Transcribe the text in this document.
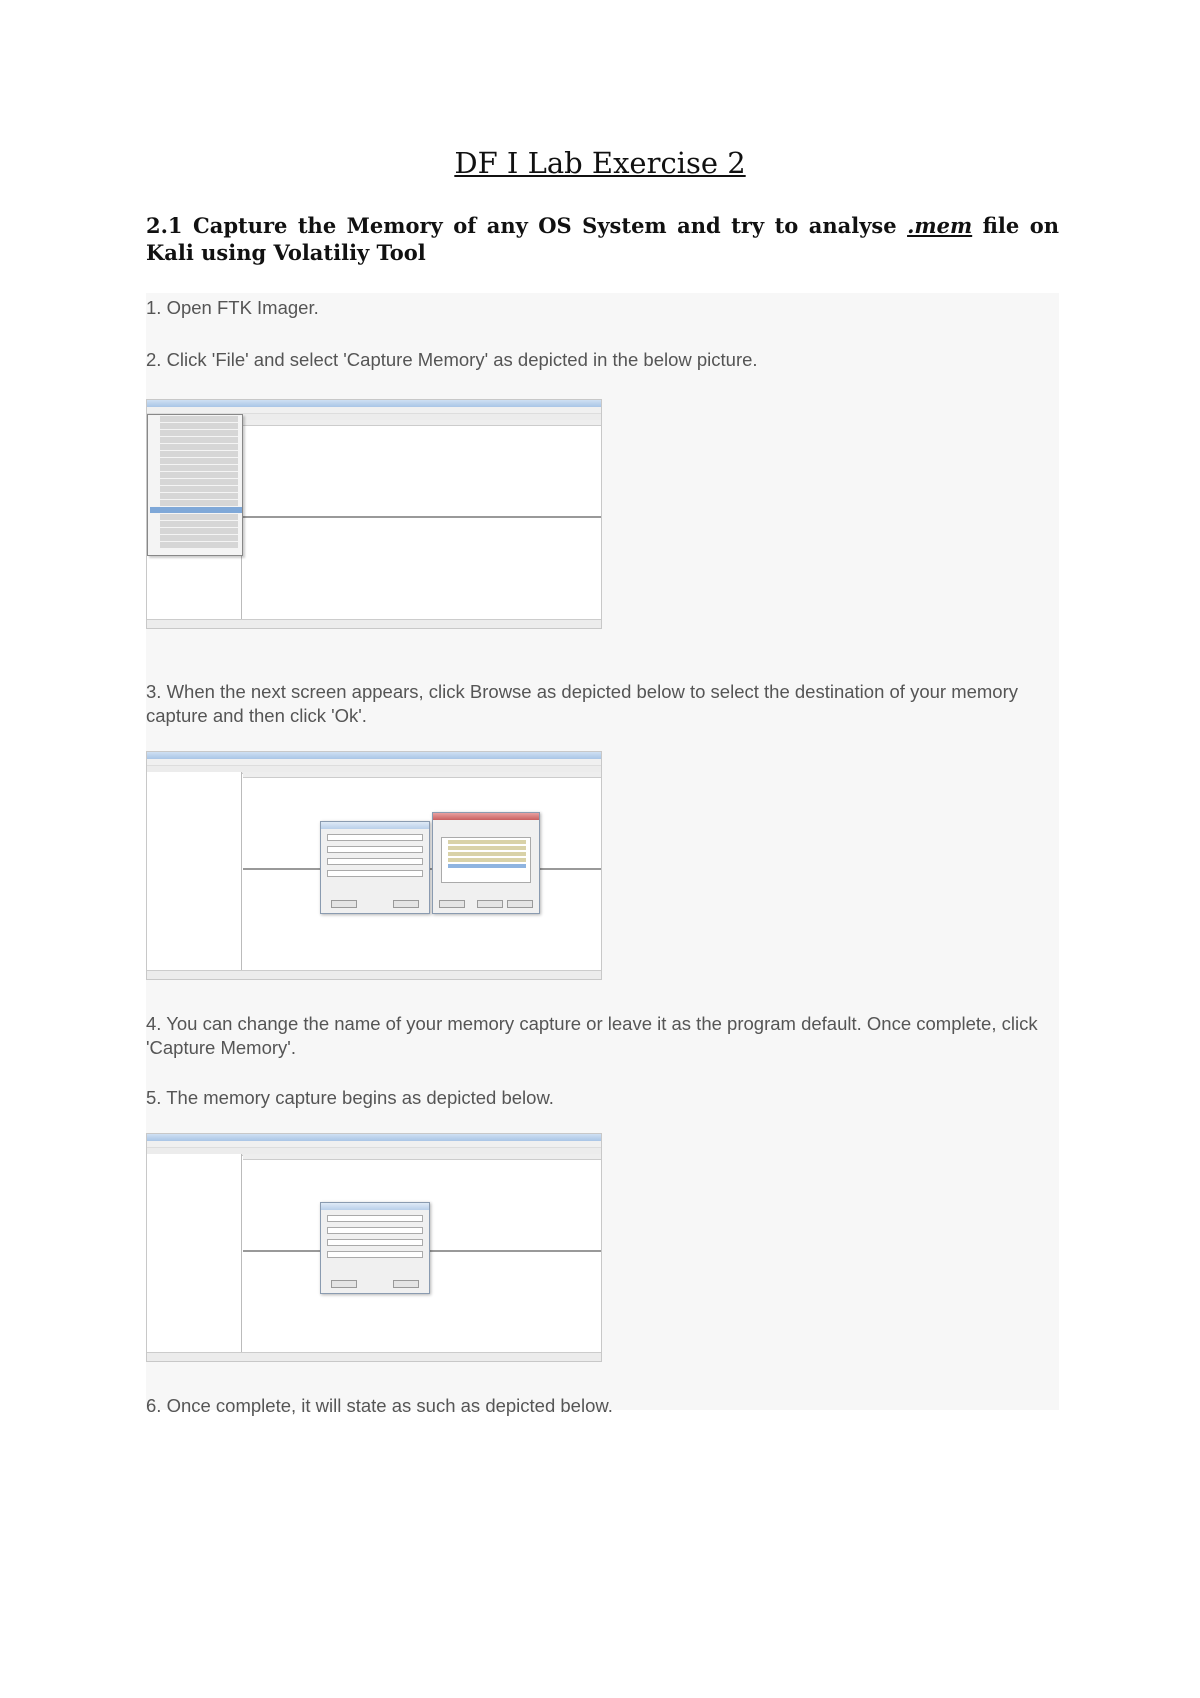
DF I Lab Exercise 2
2.1 Capture the Memory of any OS System and try to analyse .mem file on Kali using Volatiliy Tool
1. Open FTK Imager.
2. Click 'File' and select 'Capture Memory' as depicted in the below picture.
3. When the next screen appears, click Browse as depicted below to select the destination of your memory capture and then click 'Ok'.
4. You can change the name of your memory capture or leave it as the program default. Once complete, click 'Capture Memory'.
5. The memory capture begins as depicted below.
6. Once complete, it will state as such as depicted below.
